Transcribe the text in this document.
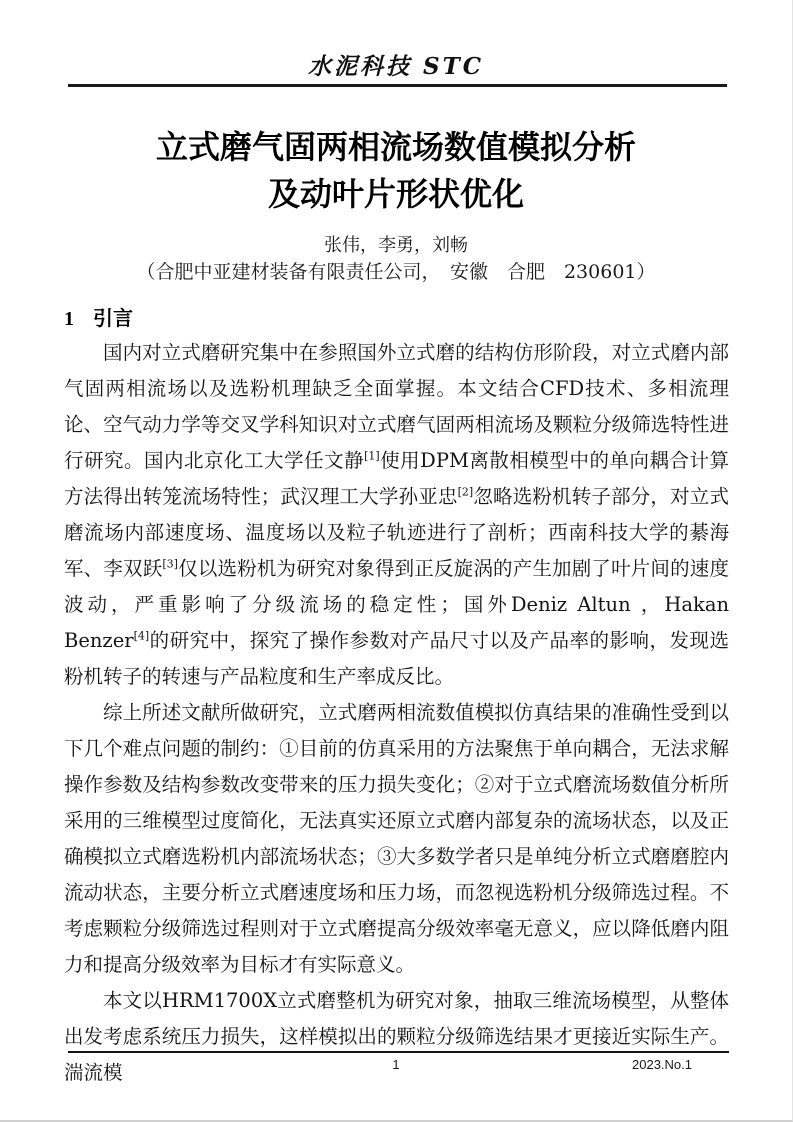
水泥科技 STC
立式磨气固两相流场数值模拟分析
及动叶片形状优化
张伟，李勇，刘畅
（合肥中亚建材装备有限责任公司，　安徽　合肥　230601）
1 引言

国内对立式磨研究集中在参照国外立式磨的结构仿形阶段，对立式磨内部气固两相流场以及选粉机理缺乏全面掌握。本文结合CFD技术、多相流理论、空气动力学等交叉学科知识对立式磨气固两相流场及颗粒分级筛选特性进行研究。国内北京化工大学任文静[1]使用DPM离散相模型中的单向耦合计算方法得出转笼流场特性；武汉理工大学孙亚忠[2]忽略选粉机转子部分，对立式磨流场内部速度场、温度场以及粒子轨迹进行了剖析；西南科技大学的綦海军、李双跃[3]仅以选粉机为研究对象得到正反旋涡的产生加剧了叶片间的速度波动，严重影响了分级流场的稳定性；国外Deniz Altun ，Hakan Benzer[4]的研究中，探究了操作参数对产品尺寸以及产品率的影响，发现选粉机转子的转速与产品粒度和生产率成反比。

综上所述文献所做研究，立式磨两相流数值模拟仿真结果的准确性受到以下几个难点问题的制约：①目前的仿真采用的方法聚焦于单向耦合，无法求解操作参数及结构参数改变带来的压力损失变化；②对于立式磨流场数值分析所采用的三维模型过度简化，无法真实还原立式磨内部复杂的流场状态，以及正确模拟立式磨选粉机内部流场状态；③大多数学者只是单纯分析立式磨磨腔内流动状态，主要分析立式磨速度场和压力场，而忽视选粉机分级筛选过程。不考虑颗粒分级筛选过程则对于立式磨提高分级效率毫无意义，应以降低磨内阻力和提高分级效率为目标才有实际意义。

本文以HRM1700X立式磨整机为研究对象，抽取三维流场模型，从整体出发考虑系统压力损失，这样模拟出的颗粒分级筛选结果才更接近实际生产。湍流模	1	2023.No.1
